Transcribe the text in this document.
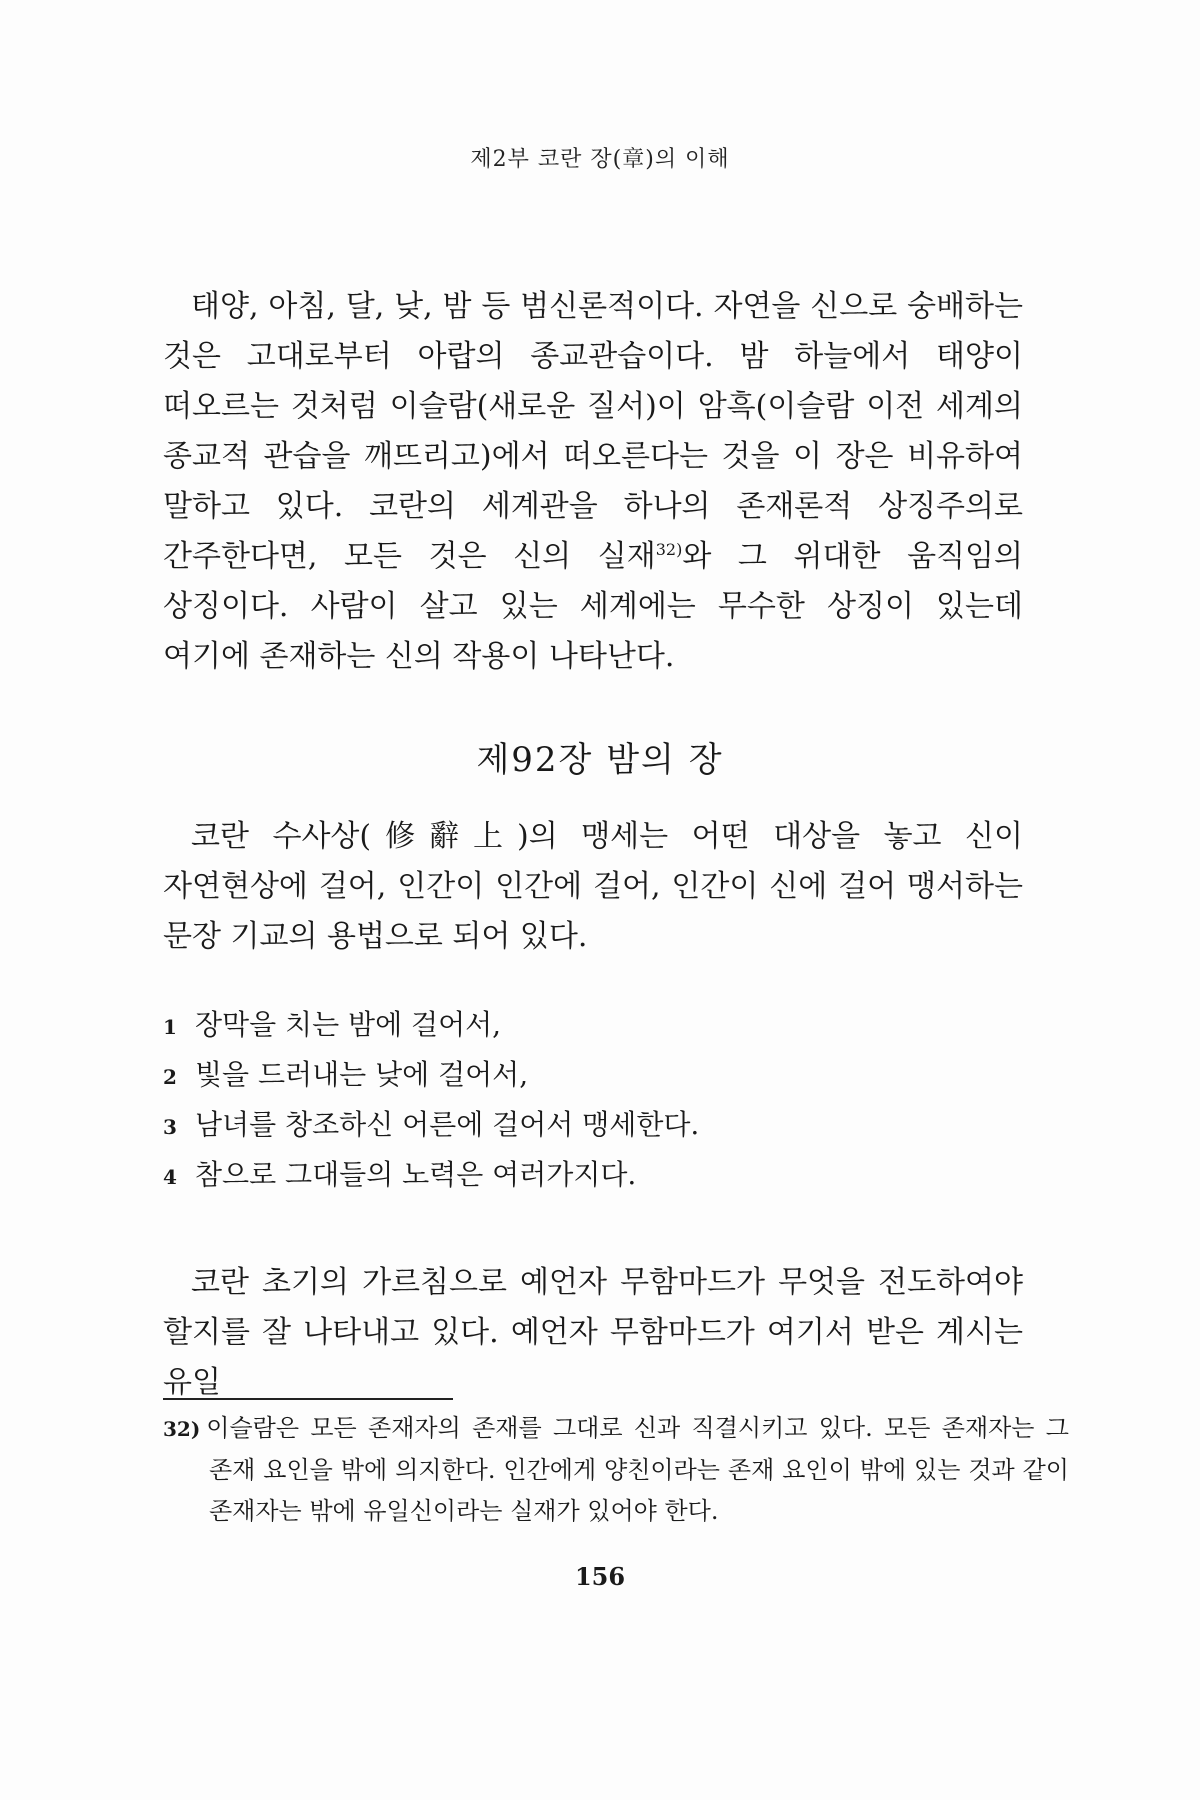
제2부 코란 장(章)의 이해

태양, 아침, 달, 낮, 밤 등 범신론적이다. 자연을 신으로 숭배하는 것은 고대로부터 아랍의 종교관습이다. 밤 하늘에서 태양이 떠오르는 것처럼 이슬람(새로운 질서)이 암흑(이슬람 이전 세계의 종교적 관습을 깨뜨리고)에서 떠오른다는 것을 이 장은 비유하여 말하고 있다. 코란의 세계관을 하나의 존재론적 상징주의로 간주한다면, 모든 것은 신의 실재$^{32)}$와 그 위대한 움직임의 상징이다. 사람이 살고 있는 세계에는 무수한 상징이 있는데 여기에 존재하는 신의 작용이 나타난다.

제92장 밤의 장

코란 수사상(修辭上)의 맹세는 어떤 대상을 놓고 신이 자연현상에 걸어, 인간이 인간에 걸어, 인간이 신에 걸어 맹서하는 문장 기교의 용법으로 되어 있다.

1 장막을 치는 밤에 걸어서,
2 빛을 드러내는 낮에 걸어서,
3 남녀를 창조하신 어른에 걸어서 맹세한다.
4 참으로 그대들의 노력은 여러가지다.

코란 초기의 가르침으로 예언자 무함마드가 무엇을 전도하여야 할지를 잘 나타내고 있다. 예언자 무함마드가 여기서 받은 계시는 유일

32) 이슬람은 모든 존재자의 존재를 그대로 신과 직결시키고 있다. 모든 존재자는 그 존재 요인을 밖에 의지한다. 인간에게 양친이라는 존재 요인이 밖에 있는 것과 같이 존재자는 밖에 유일신이라는 실재가 있어야 한다.

156
